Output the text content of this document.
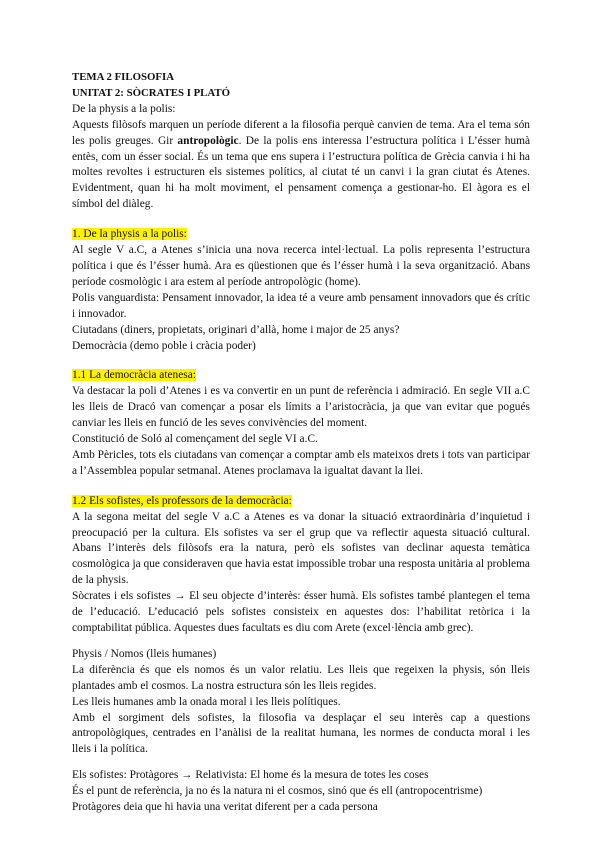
TEMA 2 FILOSOFIA

UNITAT 2: SÒCRATES I PLATÓ

De la physis a la polis:

Aquests filòsofs marquen un període diferent a la filosofia perquè canvien de tema. Ara el tema són les polis greuges. Gir antropològic. De la polis ens interessa l’estructura política i L’ésser humà entès, com un ésser social. És un tema que ens supera i l’estructura política de Grècia canvia i hi ha moltes revoltes i estructuren els sistemes polítics, al ciutat té un canvi i la gran ciutat és Atenes. Evidentment, quan hi ha molt moviment, el pensament comença a gestionar-ho. El àgora es el símbol del diàleg.

1. De la physis a la polis:

Al segle V a.C, a Atenes s’inicia una nova recerca intel·lectual. La polis representa l’estructura política i que és l’ésser humà. Ara es qüestionen que és l’ésser humà i la seva organització. Abans període cosmològic i ara estem al període antropològic (home).

Polis vanguardista: Pensament innovador, la idea té a veure amb pensament innovadors que és crític i innovador.

Ciutadans (diners, propietats, originari d’allà, home i major de 25 anys?

Democràcia (demo poble i cràcia poder)

1.1 La democràcia atenesa:

Va destacar la poli d’Atenes i es va convertir en un punt de referència i admiració. En segle VII a.C les lleis de Dracó van començar a posar els límits a l’aristocràcia, ja que van evitar que pogués canviar les lleis en funció de les seves convivències del moment.

Constitució de Soló al començament del segle VI a.C.

Amb Pèricles, tots els ciutadans van començar a comptar amb els mateixos drets i tots van participar a l’Assemblea popular setmanal. Atenes proclamava la igualtat davant la llei.

1.2 Els sofistes, els professors de la democràcia:

A la segona meitat del segle V a.C a Atenes es va donar la situació extraordinària d’inquietud i preocupació per la cultura. Els sofistes va ser el grup que va reflectir aquesta situació cultural. Abans l’interès dels filòsofs era la natura, però els sofistes van declinar aquesta temàtica cosmològica ja que consideraven que havia estat impossible trobar una resposta unitària al problema de la physis.

Sòcrates i els sofistes → El seu objecte d’interès: ésser humà. Els sofistes també plantegen el tema de l’educació. L’educació pels sofistes consisteix en aquestes dos: l’habilitat retòrica i la comptabilitat pública. Aquestes dues facultats es diu com Arete (excel·lència amb grec).

Physis / Nomos (lleis humanes)

La diferència és que els nomos és un valor relatiu. Les lleis que regeixen la physis, són lleis plantades amb el cosmos. La nostra estructura són les lleis regides.

Les lleis humanes amb la onada moral i les lleis polítiques.

Amb el sorgiment dels sofistes, la filosofia va desplaçar el seu interès cap a questions antropològiques, centrades en l’anàlisi de la realitat humana, les normes de conducta moral i les lleis i la política.

Els sofistes: Protàgores → Relativista: El home és la mesura de totes les coses

És el punt de referència, ja no és la natura ni el cosmos, sinó que és ell (antropocentrisme)

Protàgores deia que hi havia una veritat diferent per a cada persona
